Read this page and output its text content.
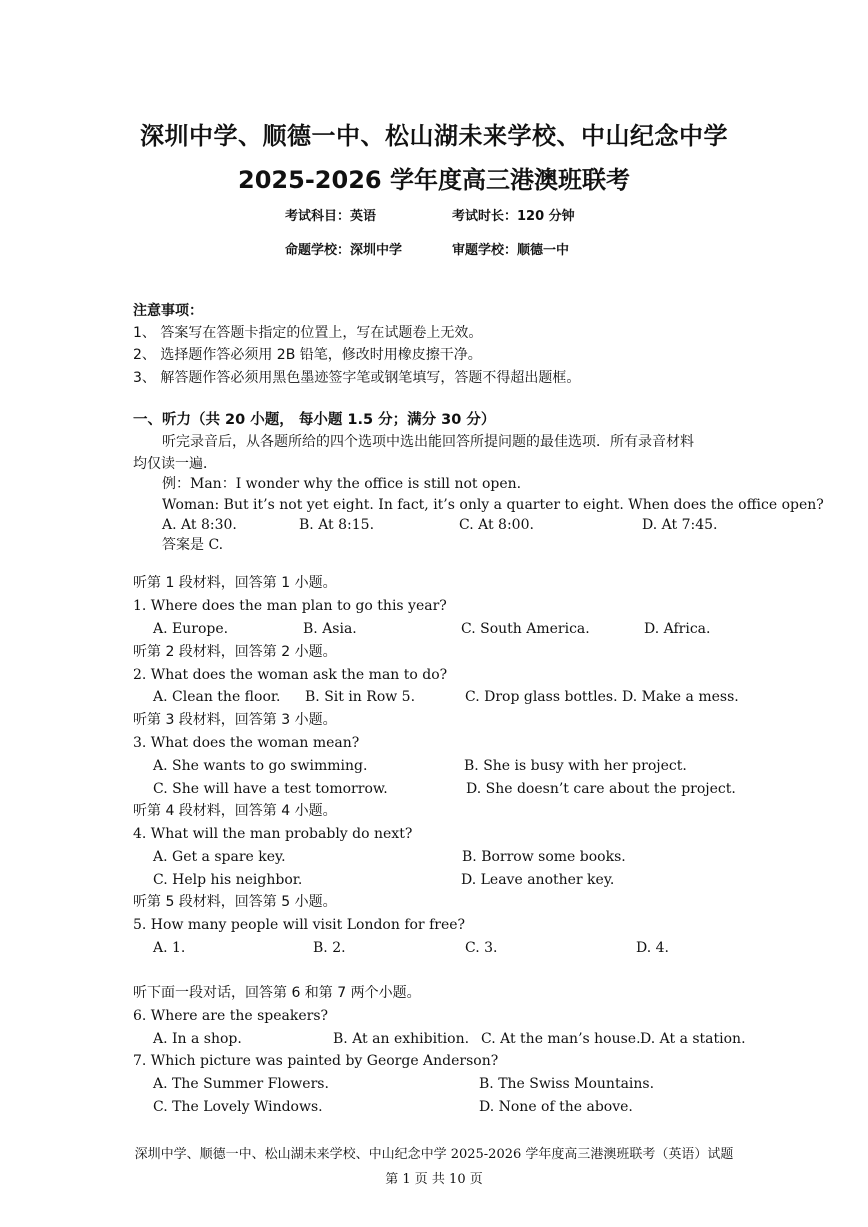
深圳中学、顺德一中、松山湖未来学校、中山纪念中学
2025-2026 学年度高三港澳班联考
考试科目：英语	考试时长：120 分钟
命题学校：深圳中学	审题学校：顺德一中
注意事项：
1、 答案写在答题卡指定的位置上，写在试题卷上无效。
2、 选择题作答必须用 2B 铅笔，修改时用橡皮擦干净。
3、 解答题作答必须用黑色墨迹签字笔或钢笔填写，答题不得超出题框。
一、听力（共 20 小题， 每小题 1.5 分；满分 30 分）
听完录音后，从各题所给的四个选项中选出能回答所提问题的最佳选项．所有录音材料
均仅读一遍．
例：Man：I wonder why the office is still not open.
Woman: But it’s not yet eight. In fact, it’s only a quarter to eight. When does the office open?
A. At 8:30.	B. At 8:15.	C. At 8:00.	D. At 7:45.
答案是 C.
听第 1 段材料，回答第 1 小题。
1. Where does the man plan to go this year?
A. Europe.	B. Asia.	C. South America.	D. Africa.
听第 2 段材料，回答第 2 小题。
2. What does the woman ask the man to do?
A. Clean the floor. B. Sit in Row 5.	C. Drop glass bottles. D. Make a mess.
听第 3 段材料，回答第 3 小题。
3. What does the woman mean?
A. She wants to go swimming.	B. She is busy with her project.
C. She will have a test tomorrow.	D. She doesn’t care about the project.
听第 4 段材料，回答第 4 小题。
4. What will the man probably do next?
A. Get a spare key.	B. Borrow some books.
C. Help his neighbor.	D. Leave another key.
听第 5 段材料，回答第 5 小题。
5. How many people will visit London for free?
A. 1.	B. 2.	C. 3.	D. 4.
听下面一段对话，回答第 6 和第 7 两个小题。
6. Where are the speakers?
A. In a shop.	B. At an exhibition. C. At the man’s house. D. At a station.
7. Which picture was painted by George Anderson?
A. The Summer Flowers.	B. The Swiss Mountains.
C. The Lovely Windows.	D. None of the above.
深圳中学、顺德一中、松山湖未来学校、中山纪念中学 2025-2026 学年度高三港澳班联考（英语）试题
第 1 页 共 10 页
